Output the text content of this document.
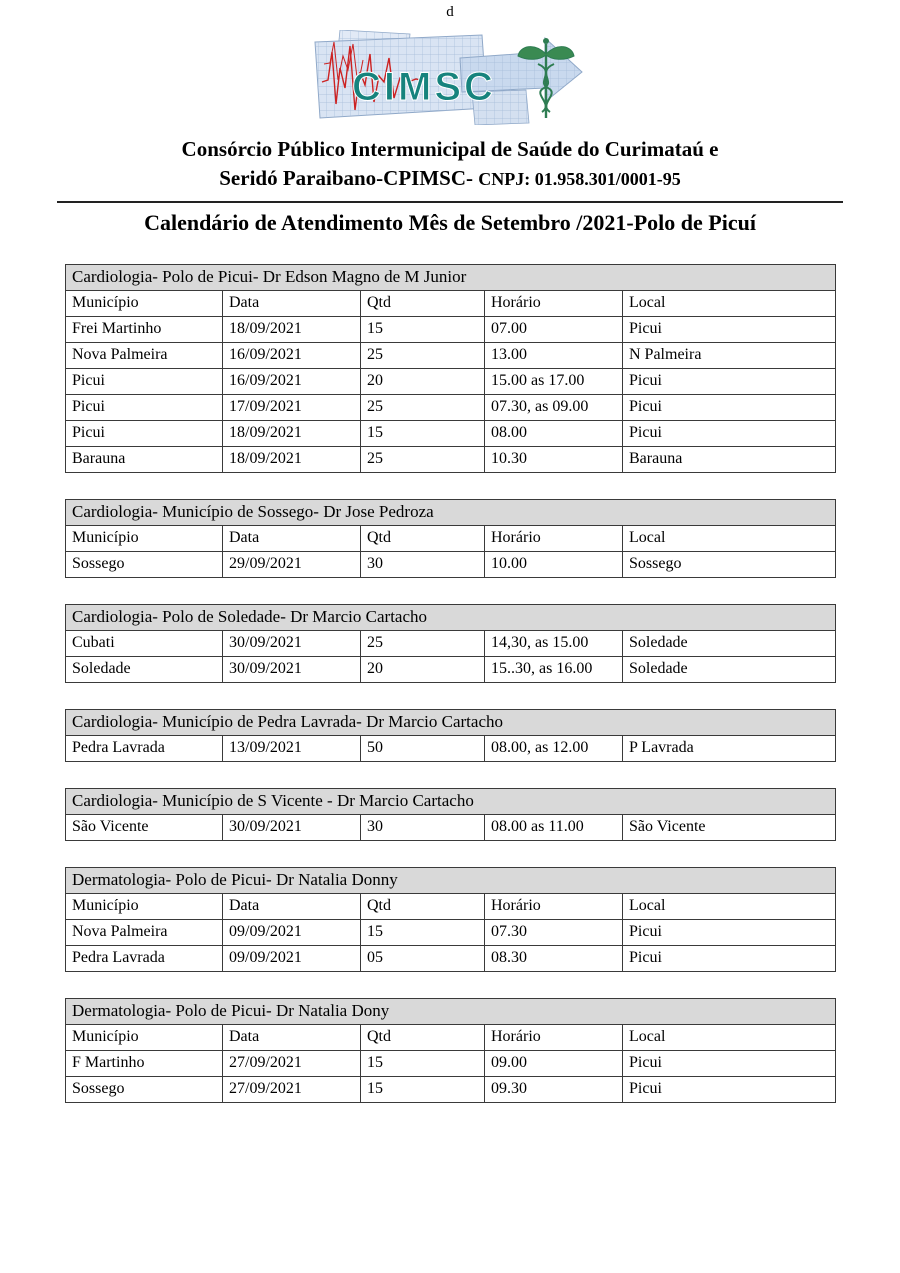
d
CIMSC
Consórcio Público Intermunicipal de Saúde do Curimataú e
Seridó Paraibano-CPIMSC- CNPJ: 01.958.301/0001-95
Calendário de Atendimento Mês de Setembro /2021-Polo de Picuí
Cardiologia- Polo de Picui- Dr Edson Magno de M Junior				
Município	Data	Qtd	Horário	Local
Frei Martinho	18/09/2021	15	07.00	Picui
Nova Palmeira	16/09/2021	25	13.00	N Palmeira
Picui	16/09/2021	20	15.00 as 17.00	Picui
Picui	17/09/2021	25	07.30, as 09.00	Picui
Picui	18/09/2021	15	08.00	Picui
Barauna	18/09/2021	25	10.30	Barauna
Cardiologia- Município de Sossego- Dr Jose Pedroza				
Município	Data	Qtd	Horário	Local
Sossego	29/09/2021	30	10.00	Sossego
Cardiologia- Polo de Soledade- Dr Marcio Cartacho				
Cubati	30/09/2021	25	14,30, as 15.00	Soledade
Soledade	30/09/2021	20	15..30, as 16.00	Soledade
Cardiologia- Município de Pedra Lavrada- Dr Marcio Cartacho
Pedra Lavrada	13/09/2021	50	08.00, as 12.00	P Lavrada
Cardiologia- Município de S Vicente - Dr Marcio Cartacho
São Vicente	30/09/2021	30	08.00 as 11.00	São Vicente
Dermatologia- Polo de Picui- Dr Natalia Donny				
Município	Data	Qtd	Horário	Local
Nova Palmeira	09/09/2021	15	07.30	Picui
Pedra Lavrada	09/09/2021	05	08.30	Picui
Dermatologia- Polo de Picui- Dr Natalia Dony				
Município	Data	Qtd	Horário	Local
F Martinho	27/09/2021	15	09.00	Picui
Sossego	27/09/2021	15	09.30	Picui
